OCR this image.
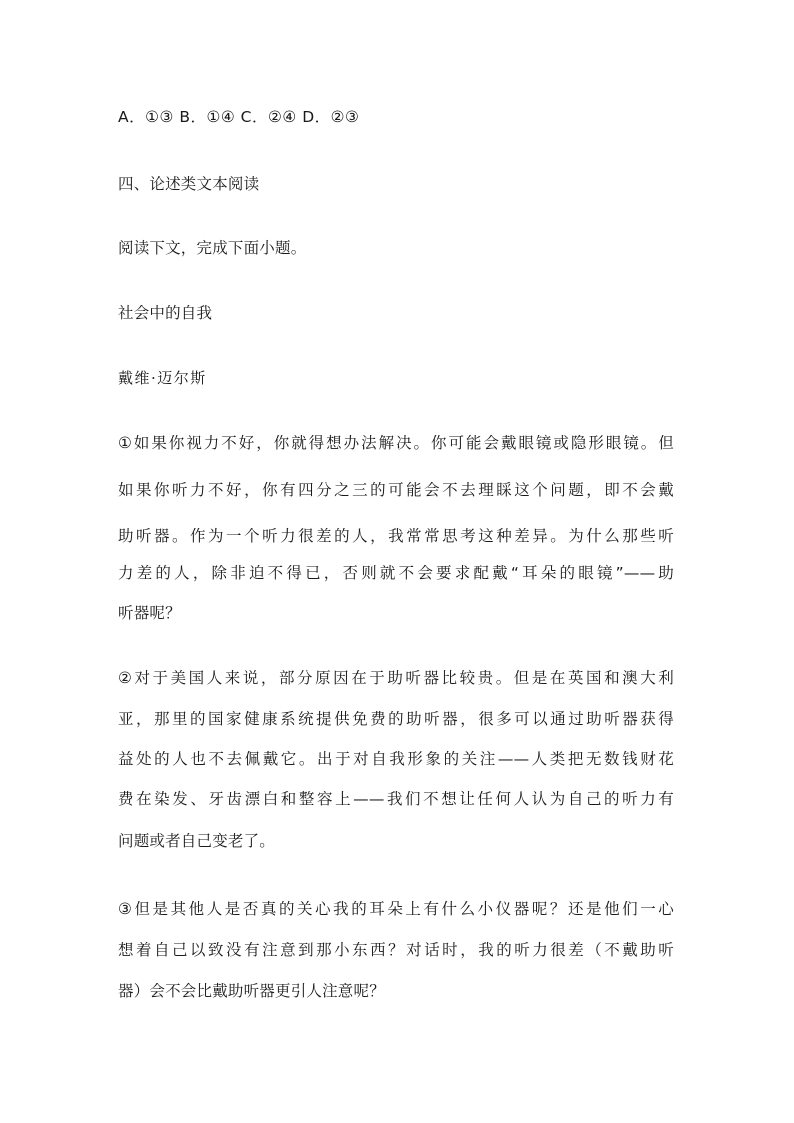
A．①③ B．①④ C．②④ D．②③
四、论述类文本阅读
阅读下文，完成下面小题。
社会中的自我
戴维·迈尔斯
①如果你视力不好，你就得想办法解决。你可能会戴眼镜或隐形眼镜。但
如果你听力不好，你有四分之三的可能会不去理睬这个问题，即不会戴
助听器。作为一个听力很差的人，我常常思考这种差异。为什么那些听
力差的人，除非迫不得已，否则就不会要求配戴“耳朵的眼镜”——助
听器呢？
②对于美国人来说，部分原因在于助听器比较贵。但是在英国和澳大利
亚，那里的国家健康系统提供免费的助听器，很多可以通过助听器获得
益处的人也不去佩戴它。出于对自我形象的关注——人类把无数钱财花
费在染发、牙齿漂白和整容上——我们不想让任何人认为自己的听力有
问题或者自己变老了。
③但是其他人是否真的关心我的耳朵上有什么小仪器呢？还是他们一心
想着自己以致没有注意到那小东西？对话时，我的听力很差（不戴助听
器）会不会比戴助听器更引人注意呢？
